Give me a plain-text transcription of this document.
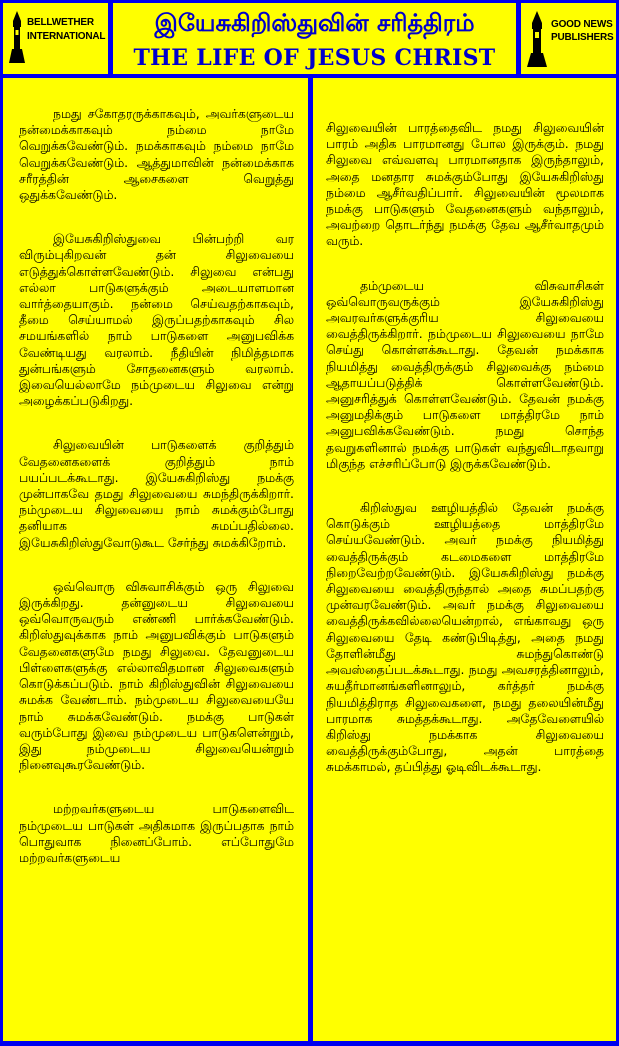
BELLWETHER
INTERNATIONAL	இயேசுகிறிஸ்துவின் சரித்திரம்
THE LIFE OF JESUS CHRIST
GOOD NEWS
PUBLISHERS

நமது சகோதரருக்காகவும், அவர்களுடைய நன்மைக்காகவும் நம்மை நாமே வெறுக்கவேண்டும். நமக்காகவும் நம்மை நாமே வெறுக்கவேண்டும். ஆத்துமாவின் நன்மைக்காக சரீரத்தின் ஆசைகளை வெறுத்து ஒதுக்கவேண்டும்.

இயேசுகிறிஸ்துவை பின்பற்றி வர விரும்புகிறவன் தன் சிலுவையை எடுத்துக்கொள்ளவேண்டும். சிலுவை என்பது எல்லா பாடுகளுக்கும் அடையாளமான வார்த்தையாகும். நன்மை செய்வதற்காகவும், தீமை செய்யாமல் இருப்பதற்காகவும் சில சமயங்களில் நாம் பாடுகளை அனுபவிக்க வேண்டியது வரலாம். நீதியின் நிமித்தமாக துன்பங்களும் சோதனைகளும் வரலாம். இவையெல்லாமே நம்முடைய சிலுவை என்று அழைக்கப்படுகிறது.

சிலுவையின் பாடுகளைக் குறித்தும் வேதனைகளைக் குறித்தும் நாம் பயப்படக்கூடாது. இயேசுகிறிஸ்து நமக்கு முன்பாகவே தமது சிலுவையை சுமந்திருக்கிறார். நம்முடைய சிலுவையை நாம் சுமக்கும்போது தனியாக சுமப்பதில்லை. இயேசுகிறிஸ்துவோடுகூட சேர்ந்து சுமக்கிறோம்.

ஒவ்வொரு விசுவாசிக்கும் ஒரு சிலுவை இருக்கிறது. தன்னுடைய சிலுவையை ஒவ்வொருவரும் எண்ணி பார்க்கவேண்டும். கிறிஸ்துவுக்காக நாம் அனுபவிக்கும் பாடுகளும் வேதனைகளுமே நமது சிலுவை. தேவனுடைய பிள்ளைகளுக்கு எல்லாவிதமான சிலுவைகளும் கொடுக்கப்படும். நாம் கிறிஸ்துவின் சிலுவையை சுமக்க வேண்டாம். நம்முடைய சிலுவையையே நாம் சுமக்கவேண்டும். நமக்கு பாடுகள் வரும்போது இவை நம்முடைய பாடுகளென்றும், இது நம்முடைய சிலுவையென்றும் நினைவுகூரவேண்டும்.

மற்றவர்களுடைய பாடுகளைவிட நம்முடைய பாடுகள் அதிகமாக இருப்பதாக நாம் பொதுவாக நினைப்போம். எப்போதுமே மற்றவர்களுடைய

சிலுவையின் பாரத்தைவிட நமது சிலுவையின் பாரம் அதிக பாரமானது போல இருக்கும். நமது சிலுவை எவ்வளவு பாரமானதாக இருந்தாலும், அதை மனதார சுமக்கும்போது இயேசுகிறிஸ்து நம்மை ஆசீர்வதிப்பார். சிலுவையின் மூலமாக நமக்கு பாடுகளும் வேதனைகளும் வந்தாலும், அவற்றை தொடர்ந்து நமக்கு தேவ ஆசீர்வாதமும் வரும்.

தம்முடைய விசுவாசிகள் ஒவ்வொருவருக்கும் இயேசுகிறிஸ்து அவரவர்களுக்குரிய சிலுவையை வைத்திருக்கிறார். நம்முடைய சிலுவையை நாமே செய்து கொள்ளக்கூடாது. தேவன் நமக்காக நியமித்து வைத்திருக்கும் சிலுவைக்கு நம்மை ஆதாயப்படுத்திக் கொள்ளவேண்டும். அனுசரித்துக் கொள்ளவேண்டும். தேவன் நமக்கு அனுமதிக்கும் பாடுகளை மாத்திரமே நாம் அனுபவிக்கவேண்டும். நமது சொந்த தவறுகளினால் நமக்கு பாடுகள் வந்துவிடாதவாறு மிகுந்த எச்சரிப்போடு இருக்கவேண்டும்.

கிறிஸ்துவ ஊழியத்தில் தேவன் நமக்கு கொடுக்கும் ஊழியத்தை மாத்திரமே செய்யவேண்டும். அவர் நமக்கு நியமித்து வைத்திருக்கும் கடமைகளை மாத்திரமே நிறைவேற்றவேண்டும். இயேசுகிறிஸ்து நமக்கு சிலுவையை வைத்திருந்தால் அதை சுமப்பதற்கு முன்வரவேண்டும். அவர் நமக்கு சிலுவையை வைத்திருக்கவில்லையென்றால், எங்காவது ஒரு சிலுவையை தேடி கண்டுபிடித்து, அதை நமது தோளின்மீது சுமந்துகொண்டு அவஸ்தைப்படக்கூடாது. நமது அவசரத்தினாலும், சுயதீர்மானங்களினாலும், கர்த்தர் நமக்கு நியமித்திராத சிலுவைகளை, நமது தலையின்மீது பாரமாக சுமத்தக்கூடாது. அதேவேளையில் கிறிஸ்து நமக்காக சிலுவையை வைத்திருக்கும்போது, அதன் பாரத்தை சுமக்காமல், தப்பித்து ஓடிவிடக்கூடாது.
